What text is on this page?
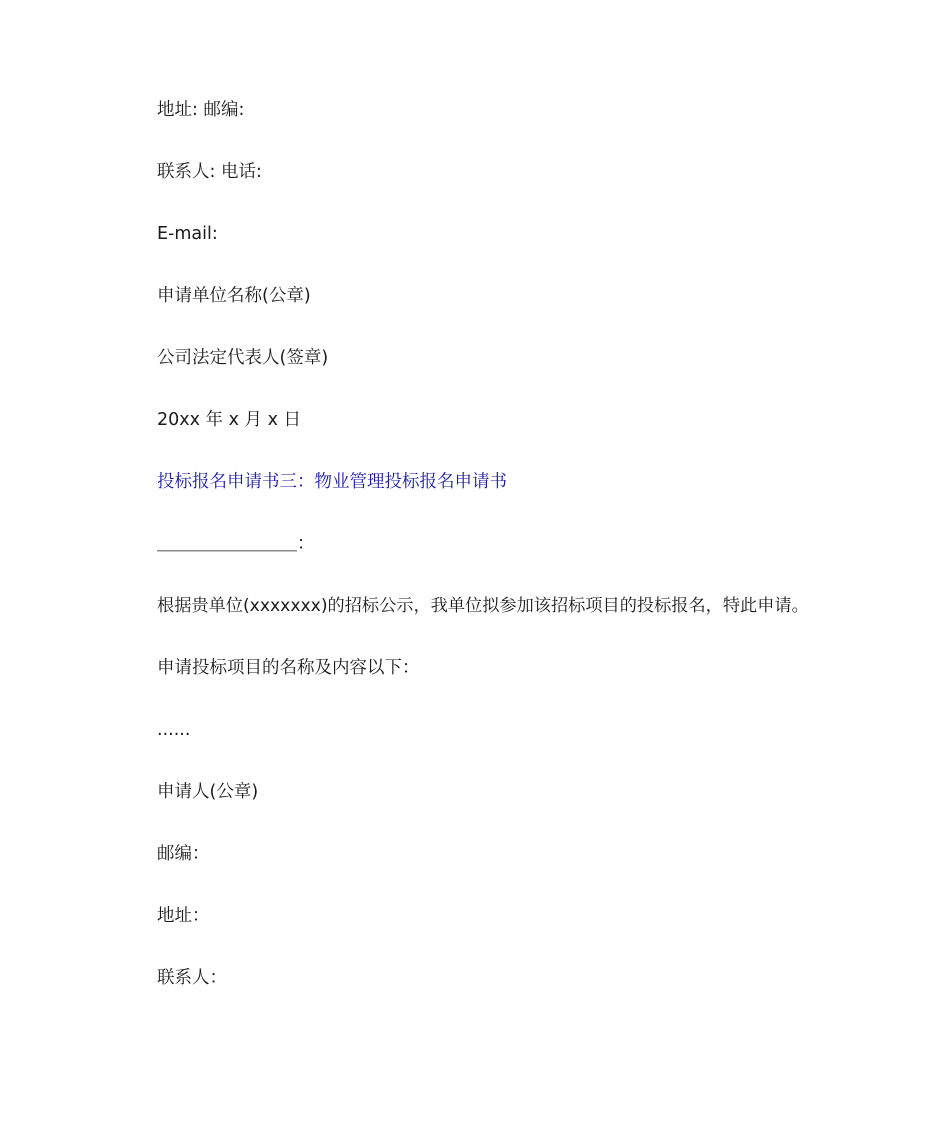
地址: 邮编:
联系人: 电话:
E-mail:
申请单位名称(公章)
公司法定代表人(签章)
20xx 年 x 月 x 日
投标报名申请书三：物业管理投标报名申请书
＿＿＿＿＿＿＿＿：
根据贵单位(xxxxxxx)的招标公示，我单位拟参加该招标项目的投标报名，特此申请。
申请投标项目的名称及内容以下：
......
申请人(公章)
邮编：
地址：
联系人：
